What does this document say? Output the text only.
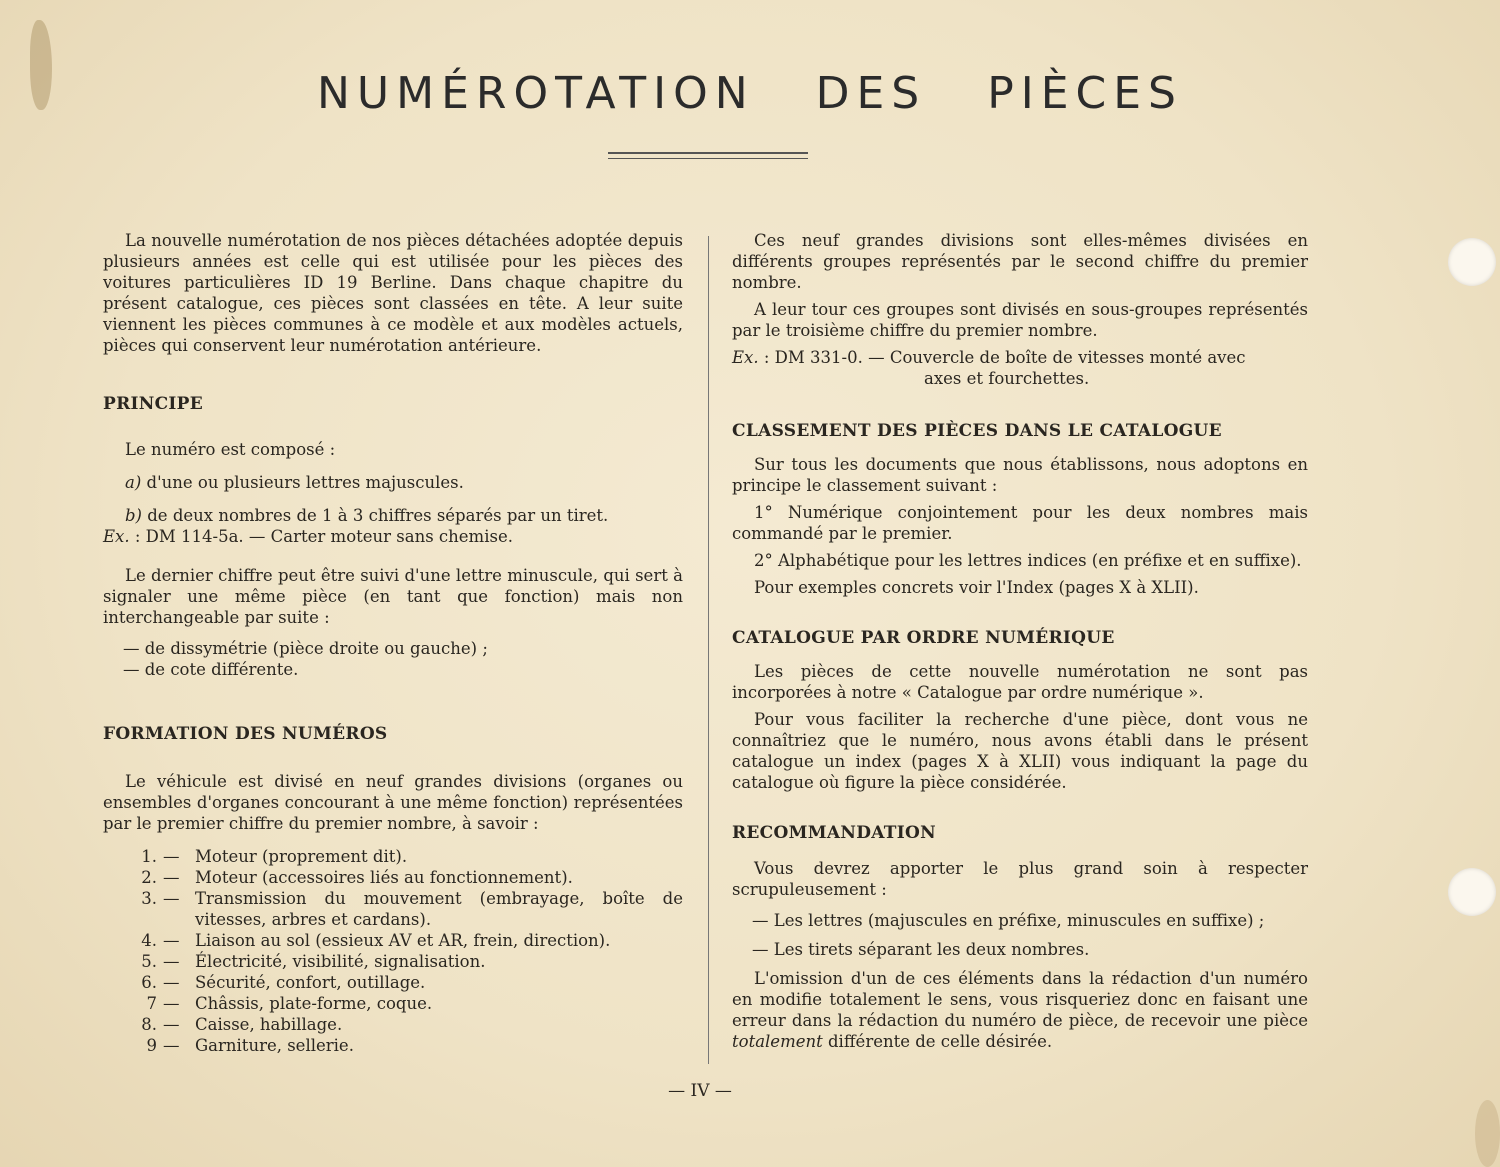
NUMÉROTATION DES PIÈCES

La nouvelle numérotation de nos pièces détachées adoptée depuis plusieurs années est celle qui est utilisée pour les pièces des voitures particulières ID 19 Berline. Dans chaque chapitre du présent catalogue, ces pièces sont classées en tête. A leur suite viennent les pièces communes à ce modèle et aux modèles actuels, pièces qui conservent leur numérotation antérieure.

PRINCIPE

Le numéro est composé :

a) d'une ou plusieurs lettres majuscules.

b) de deux nombres de 1 à 3 chiffres séparés par un tiret.

Ex. : DM 114-5a. — Carter moteur sans chemise.

Le dernier chiffre peut être suivi d'une lettre minuscule, qui sert à signaler une même pièce (en tant que fonction) mais non interchangeable par suite :

— de dissymétrie (pièce droite ou gauche) ;
— de cote différente.
FORMATION DES NUMÉROS

Le véhicule est divisé en neuf grandes divisions (organes ou ensembles d'organes concourant à une même fonction) représentées par le premier chiffre du premier nombre, à savoir :

1. — Moteur (proprement dit).
2. — Moteur (accessoires liés au fonctionnement).
3. — Transmission du mouvement (embrayage, boîte de vitesses, arbres et cardans).
4. — Liaison au sol (essieux AV et AR, frein, direction).
5. — Électricité, visibilité, signalisation.
6. — Sécurité, confort, outillage.
7 — Châssis, plate-forme, coque.
8. — Caisse, habillage.
9 — Garniture, sellerie.

Ces neuf grandes divisions sont elles-mêmes divisées en différents groupes représentés par le second chiffre du premier nombre.

A leur tour ces groupes sont divisés en sous-groupes représentés par le troisième chiffre du premier nombre.

Ex. : DM 331-0. — Couvercle de boîte de vitesses monté avec

axes et fourchettes.

CLASSEMENT DES PIÈCES DANS LE CATALOGUE

Sur tous les documents que nous établissons, nous adoptons en principe le classement suivant :

1° Numérique conjointement pour les deux nombres mais commandé par le premier.

2° Alphabétique pour les lettres indices (en préfixe et en suffixe).

Pour exemples concrets voir l'Index (pages X à XLII).

CATALOGUE PAR ORDRE NUMÉRIQUE

Les pièces de cette nouvelle numérotation ne sont pas incorporées à notre « Catalogue par ordre numérique ».

Pour vous faciliter la recherche d'une pièce, dont vous ne connaîtriez que le numéro, nous avons établi dans le présent catalogue un index (pages X à XLII) vous indiquant la page du catalogue où figure la pièce considérée.

RECOMMANDATION

Vous devrez apporter le plus grand soin à respecter scrupuleusement :

— Les lettres (majuscules en préfixe, minuscules en suffixe) ;
— Les tirets séparant les deux nombres.

L'omission d'un de ces éléments dans la rédaction d'un numéro en modifie totalement le sens, vous risqueriez donc en faisant une erreur dans la rédaction du numéro de pièce, de recevoir une pièce totalement différente de celle désirée.

— IV —
